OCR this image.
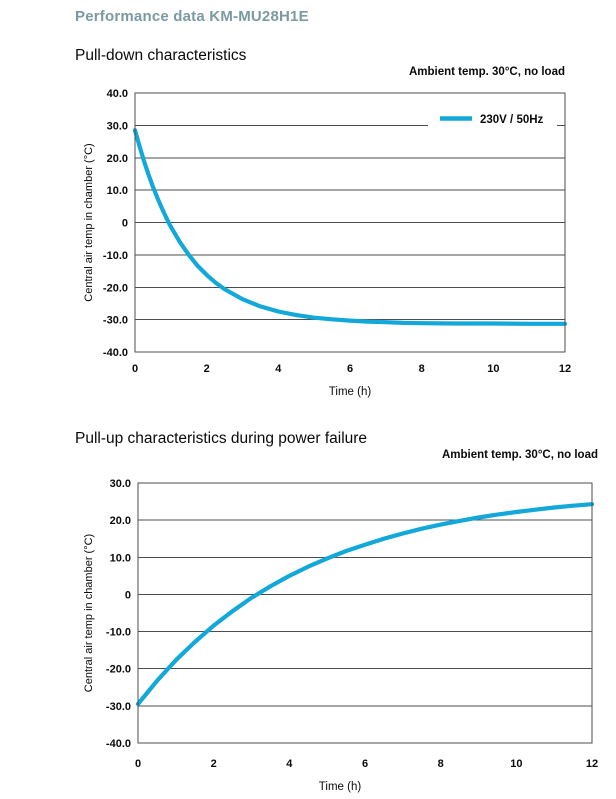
Performance data KM-MU28H1E
Pull-down characteristics
Ambient temp. 30°C, no load
40.0
30.0
20.0
10.0
0
-10.0
-20.0
-30.0
-40.0
0	2	4	6	8	10	12
Time (h)
Central air temp in chamber (°C)
230V / 50Hz
Pull-up characteristics during power failure
Ambient temp. 30°C, no load
30.0
20.0
10.0
0
-10.0
-20.0
-30.0
-40.0
0	2	4	6	8	10	12
Time (h)
Central air temp in chamber (°C)
